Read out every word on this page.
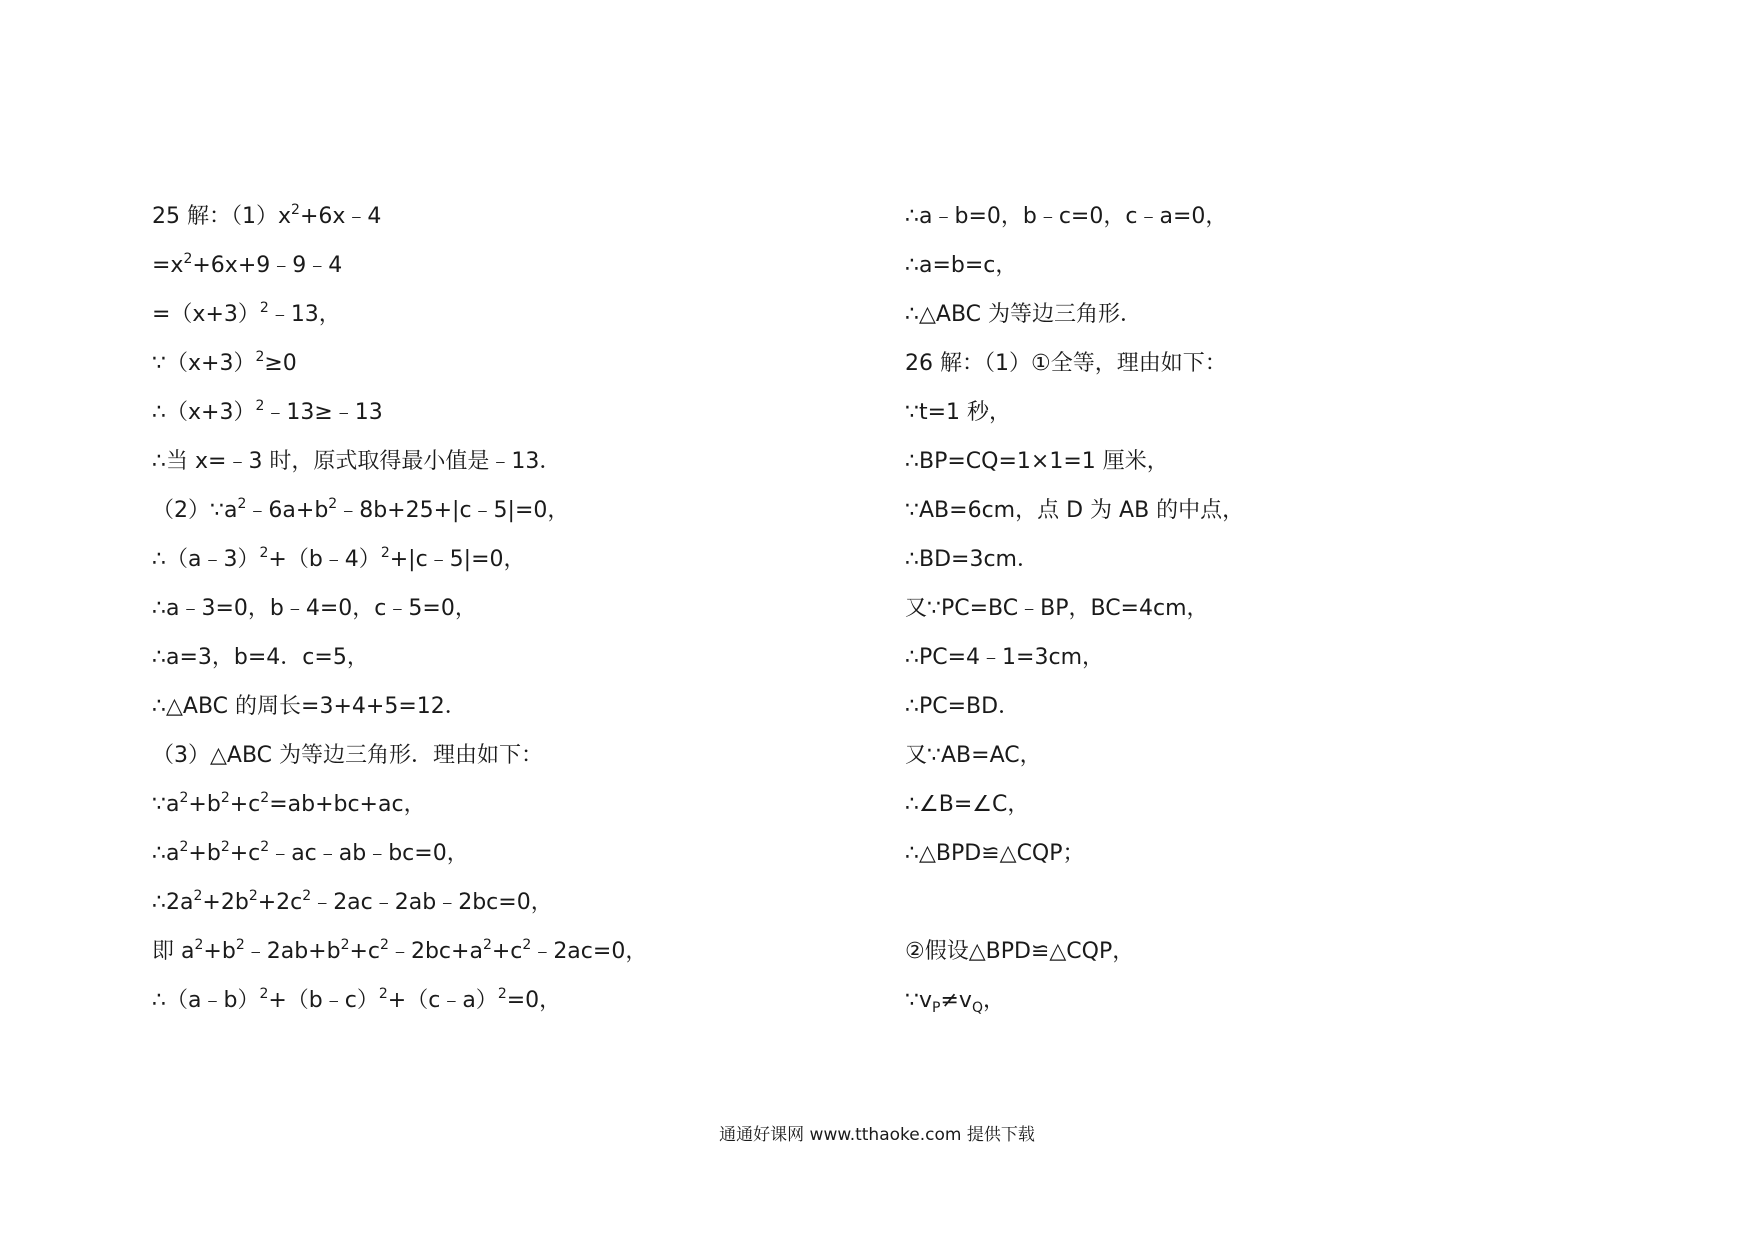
25 解：$(1)x^2+6x﹣4$
$=x^2+6x+9﹣9﹣4$
$=(x+3)^2﹣13$，
$\because(x+3)^2\ge 0$
$\therefore(x+3)^2﹣13\ge﹣13$
∴当 x=﹣3 时，原式取得最小值是﹣13．
$(2)\because a^2﹣6a+b^2﹣8b+25+|c﹣5|=0$，
∴（a﹣3）$^2$+（b﹣4）$^2$+|c﹣5|=0，
∴a﹣3=0，b﹣4=0，c﹣5=0，
∴a=3，b=4．c=5，
∴△ABC 的周长=3+4+5=12．
（3）△ABC 为等边三角形．理由如下：
$\because a^2+b^2+c^2=ab+bc+ac$，
$\therefore a^2+b^2+c^2﹣ac﹣ab﹣bc=0$，
$\therefore 2a^2+2b^2+2c^2﹣2ac﹣2ab﹣2bc=0$，
即 $a^2+b^2﹣2ab+b^2+c^2﹣2bc+a^2+c^2﹣2ac=0$，
∴（a﹣b）$^2$+（b﹣c）$^2$+（c﹣a）$^2$=0，
∴a﹣b=0，b﹣c=0，c﹣a=0，
∴a=b=c，
∴△ABC 为等边三角形．
26 解：（1）①全等，理由如下：
∵t=1 秒，
∴BP=CQ=1×1=1 厘米，
∵AB=6cm，点 D 为 AB 的中点，
∴BD=3cm．
又∵PC=BC﹣BP，BC=4cm，
∴PC=4﹣1=3cm，
∴PC=BD．
又∵AB=AC，
∴∠B=∠C，
∴△BPD≌△CQP；
②假设△BPD≌△CQP，
$\because v_P\ne v_Q$，
通通好课网 www.tthaoke.com 提供下载
